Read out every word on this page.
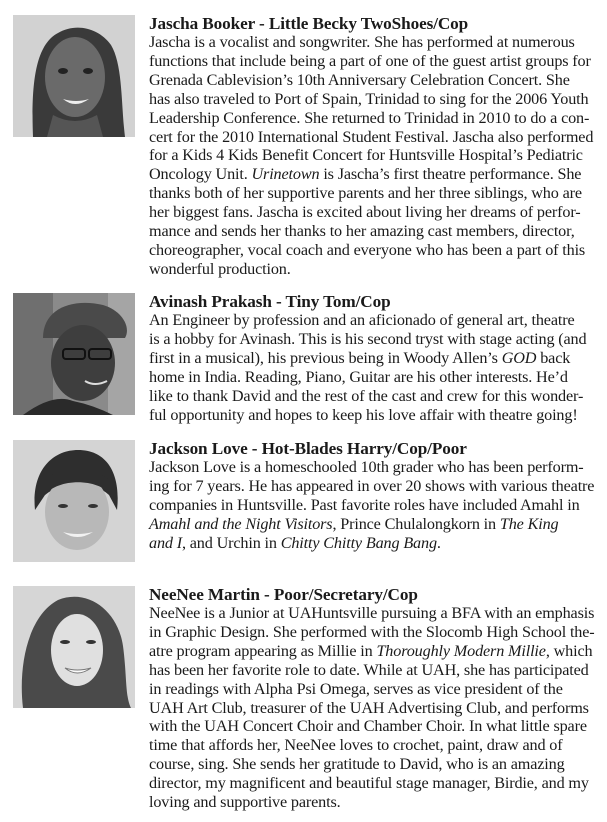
Jascha Booker - Little Becky TwoShoes/Cop

Jascha is a vocalist and songwriter. She has performed at numerous
functions that include being a part of one of the guest artist groups for
Grenada Cablevision’s 10th Anniversary Celebration Concert. She
has also traveled to Port of Spain, Trinidad to sing for the 2006 Youth
Leadership Conference. She returned to Trinidad in 2010 to do a con-
cert for the 2010 International Student Festival. Jascha also performed
for a Kids 4 Kids Benefit Concert for Huntsville Hospital’s Pediatric
Oncology Unit. Urinetown is Jascha’s first theatre performance. She
thanks both of her supportive parents and her three siblings, who are
her biggest fans. Jascha is excited about living her dreams of perfor-
mance and sends her thanks to her amazing cast members, director,
choreographer, vocal coach and everyone who has been a part of this
wonderful production.

Avinash Prakash - Tiny Tom/Cop

An Engineer by profession and an aficionado of general art, theatre
is a hobby for Avinash. This is his second tryst with stage acting (and
first in a musical), his previous being in Woody Allen’s GOD back
home in India. Reading, Piano, Guitar are his other interests. He’d
like to thank David and the rest of the cast and crew for this wonder-
ful opportunity and hopes to keep his love affair with theatre going!

Jackson Love - Hot-Blades Harry/Cop/Poor

Jackson Love is a homeschooled 10th grader who has been perform-
ing for 7 years. He has appeared in over 20 shows with various theatre
companies in Huntsville. Past favorite roles have included Amahl in
Amahl and the Night Visitors, Prince Chulalongkorn in The King
and I, and Urchin in Chitty Chitty Bang Bang.

NeeNee Martin - Poor/Secretary/Cop

NeeNee is a Junior at UAHuntsville pursuing a BFA with an emphasis
in Graphic Design. She performed with the Slocomb High School the-
atre program appearing as Millie in Thoroughly Modern Millie, which
has been her favorite role to date. While at UAH, she has participated
in readings with Alpha Psi Omega, serves as vice president of the
UAH Art Club, treasurer of the UAH Advertising Club, and performs
with the UAH Concert Choir and Chamber Choir. In what little spare
time that affords her, NeeNee loves to crochet, paint, draw and of
course, sing. She sends her gratitude to David, who is an amazing
director, my magnificent and beautiful stage manager, Birdie, and my
loving and supportive parents.
